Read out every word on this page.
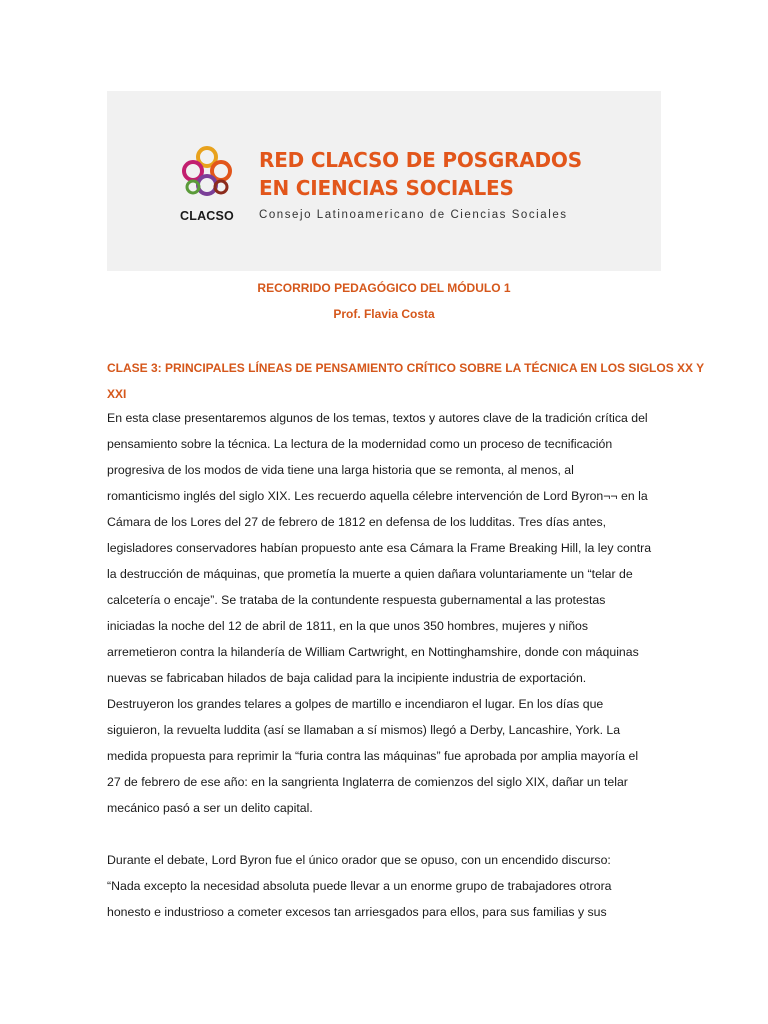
CLACSO
RED CLACSO DE POSGRADOS
EN CIENCIAS SOCIALES
Consejo Latinoamericano de Ciencias Sociales
RECORRIDO PEDAGÓGICO DEL MÓDULO 1
Prof. Flavia Costa
CLASE 3: PRINCIPALES LÍNEAS DE PENSAMIENTO CRÍTICO SOBRE LA TÉCNICA EN LOS SIGLOS XX Y
XXI
En esta clase presentaremos algunos de los temas, textos y autores clave de la tradición crítica del
pensamiento sobre la técnica. La lectura de la modernidad como un proceso de tecnificación
progresiva de los modos de vida tiene una larga historia que se remonta, al menos, al
romanticismo inglés del siglo XIX. Les recuerdo aquella célebre intervención de Lord Byron¬¬ en la
Cámara de los Lores del 27 de febrero de 1812 en defensa de los ludditas. Tres días antes,
legisladores conservadores habían propuesto ante esa Cámara la Frame Breaking Hill, la ley contra
la destrucción de máquinas, que prometía la muerte a quien dañara voluntariamente un “telar de
calcetería o encaje”. Se trataba de la contundente respuesta gubernamental a las protestas
iniciadas la noche del 12 de abril de 1811, en la que unos 350 hombres, mujeres y niños
arremetieron contra la hilandería de William Cartwright, en Nottinghamshire, donde con máquinas
nuevas se fabricaban hilados de baja calidad para la incipiente industria de exportación.
Destruyeron los grandes telares a golpes de martillo e incendiaron el lugar. En los días que
siguieron, la revuelta luddita (así se llamaban a sí mismos) llegó a Derby, Lancashire, York. La
medida propuesta para reprimir la “furia contra las máquinas” fue aprobada por amplia mayoría el
27 de febrero de ese año: en la sangrienta Inglaterra de comienzos del siglo XIX, dañar un telar
mecánico pasó a ser un delito capital.
Durante el debate, Lord Byron fue el único orador que se opuso, con un encendido discurso:
“Nada excepto la necesidad absoluta puede llevar a un enorme grupo de trabajadores otrora
honesto e industrioso a cometer excesos tan arriesgados para ellos, para sus familias y sus
